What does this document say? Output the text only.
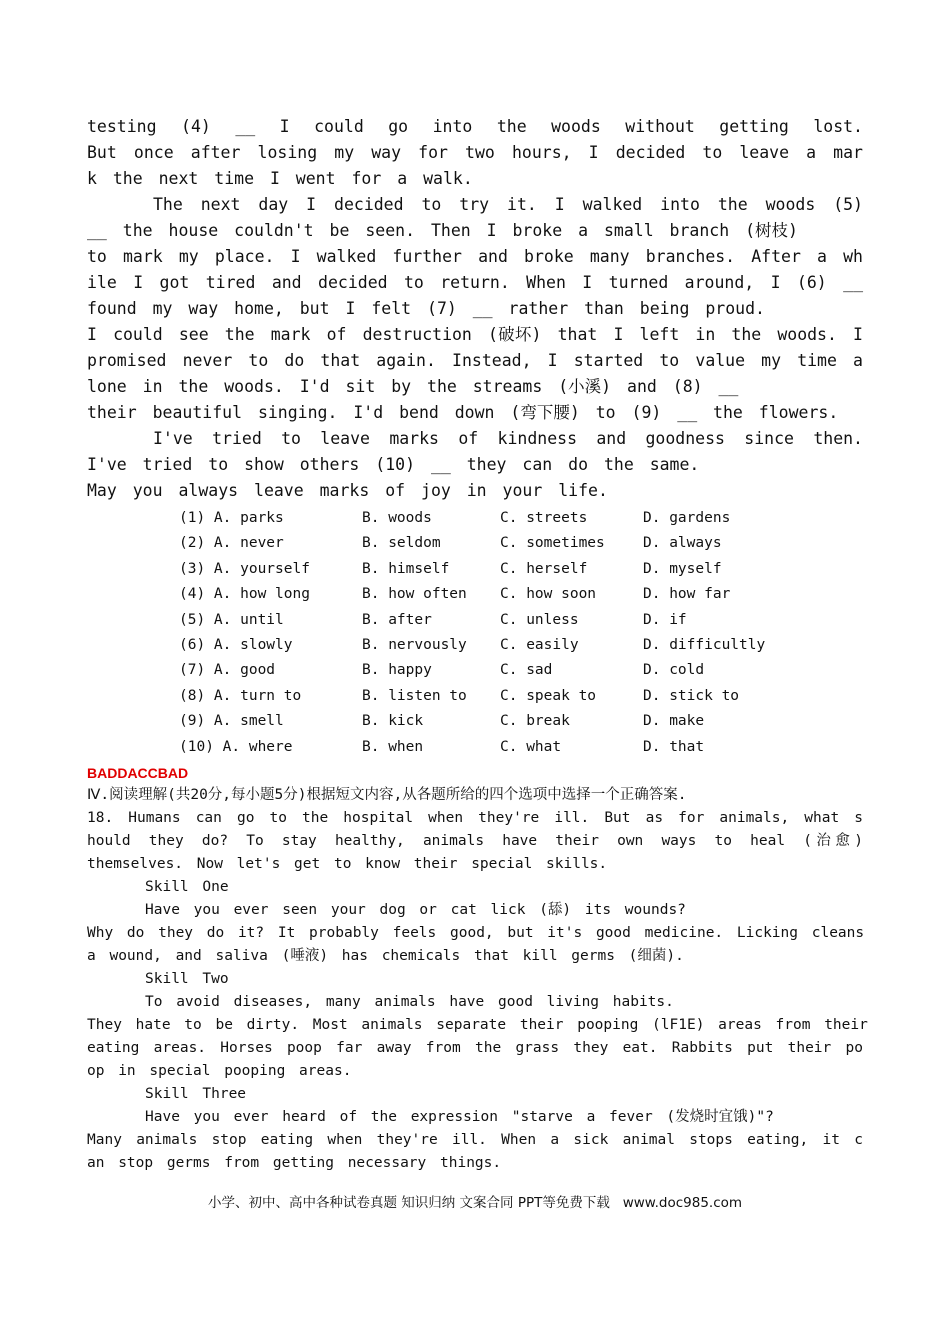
testing (4) __ I could go into the woods without getting lost.
But once after losing my way for two hours, I decided to leave a mar
k the next time I went for a walk.
The next day I decided to try it. I walked into the woods (5)
__ the house couldn't be seen. Then I broke a small branch (树枝)
to mark my place. I walked further and broke many branches. After a wh
ile I got tired and decided to return. When I turned around, I (6) __
found my way home, but I felt (7) __ rather than being proud.
I could see the mark of destruction (破坏) that I left in the woods. I
promised never to do that again. Instead, I started to value my time a
lone in the woods. I'd sit by the streams (小溪) and (8) __
their beautiful singing. I'd bend down (弯下腰) to (9) __ the flowers.
I've tried to leave marks of kindness and goodness since then.
I've tried to show others (10) __ they can do the same.
May you always leave marks of joy in your life.

(1) A. parks

	B. woods

	C. streets

	D. gardens

(2) A. never

	B. seldom

	C. sometimes

	D. always

(3) A. yourself

	B. himself

	C. herself

	D. myself

(4) A. how long

	B. how often

C. how soon

	D. how far

(5) A. until

	B. after

	C. unless

	D. if

(6) A. slowly

	B. nervously

C. easily

	D. difficultly

(7) A. good

	B. happy

	C. sad

	D. cold

(8) A. turn to

	B. listen to

C. speak to

	D. stick to

(9) A. smell

	B. kick

	C. break

	D. make

(10) A. where

	B. when

	C. what

	D. that

BADDACCBAD
Ⅳ.阅读理解(共20分,每小题5分)根据短文内容,从各题所给的四个选项中选择一个正确答案.
18. Humans can go to the hospital when they're ill. But as for animals, what s
hould they do? To stay healthy, animals have their own ways to heal (治愈)
themselves. Now let's get to know their special skills.
Skill One
Have you ever seen your dog or cat lick (舔) its wounds?
Why do they do it? It probably feels good, but it's good medicine. Licking cleans
a wound, and saliva (唾液) has chemicals that kill germs (细菌).
Skill Two
To avoid diseases, many animals have good living habits.
They hate to be dirty. Most animals separate their pooping (lF1E) areas from their
eating areas. Horses poop far away from the grass they eat. Rabbits put their po
op in special pooping areas.
Skill Three
Have you ever heard of the expression "starve a fever (发烧时宜饿)"?
Many animals stop eating when they're ill. When a sick animal stops eating, it c
an stop germs from getting necessary things.
小学、初中、高中各种试卷真题 知识归纳 文案合同 PPT等免费下载   www.doc985.com
